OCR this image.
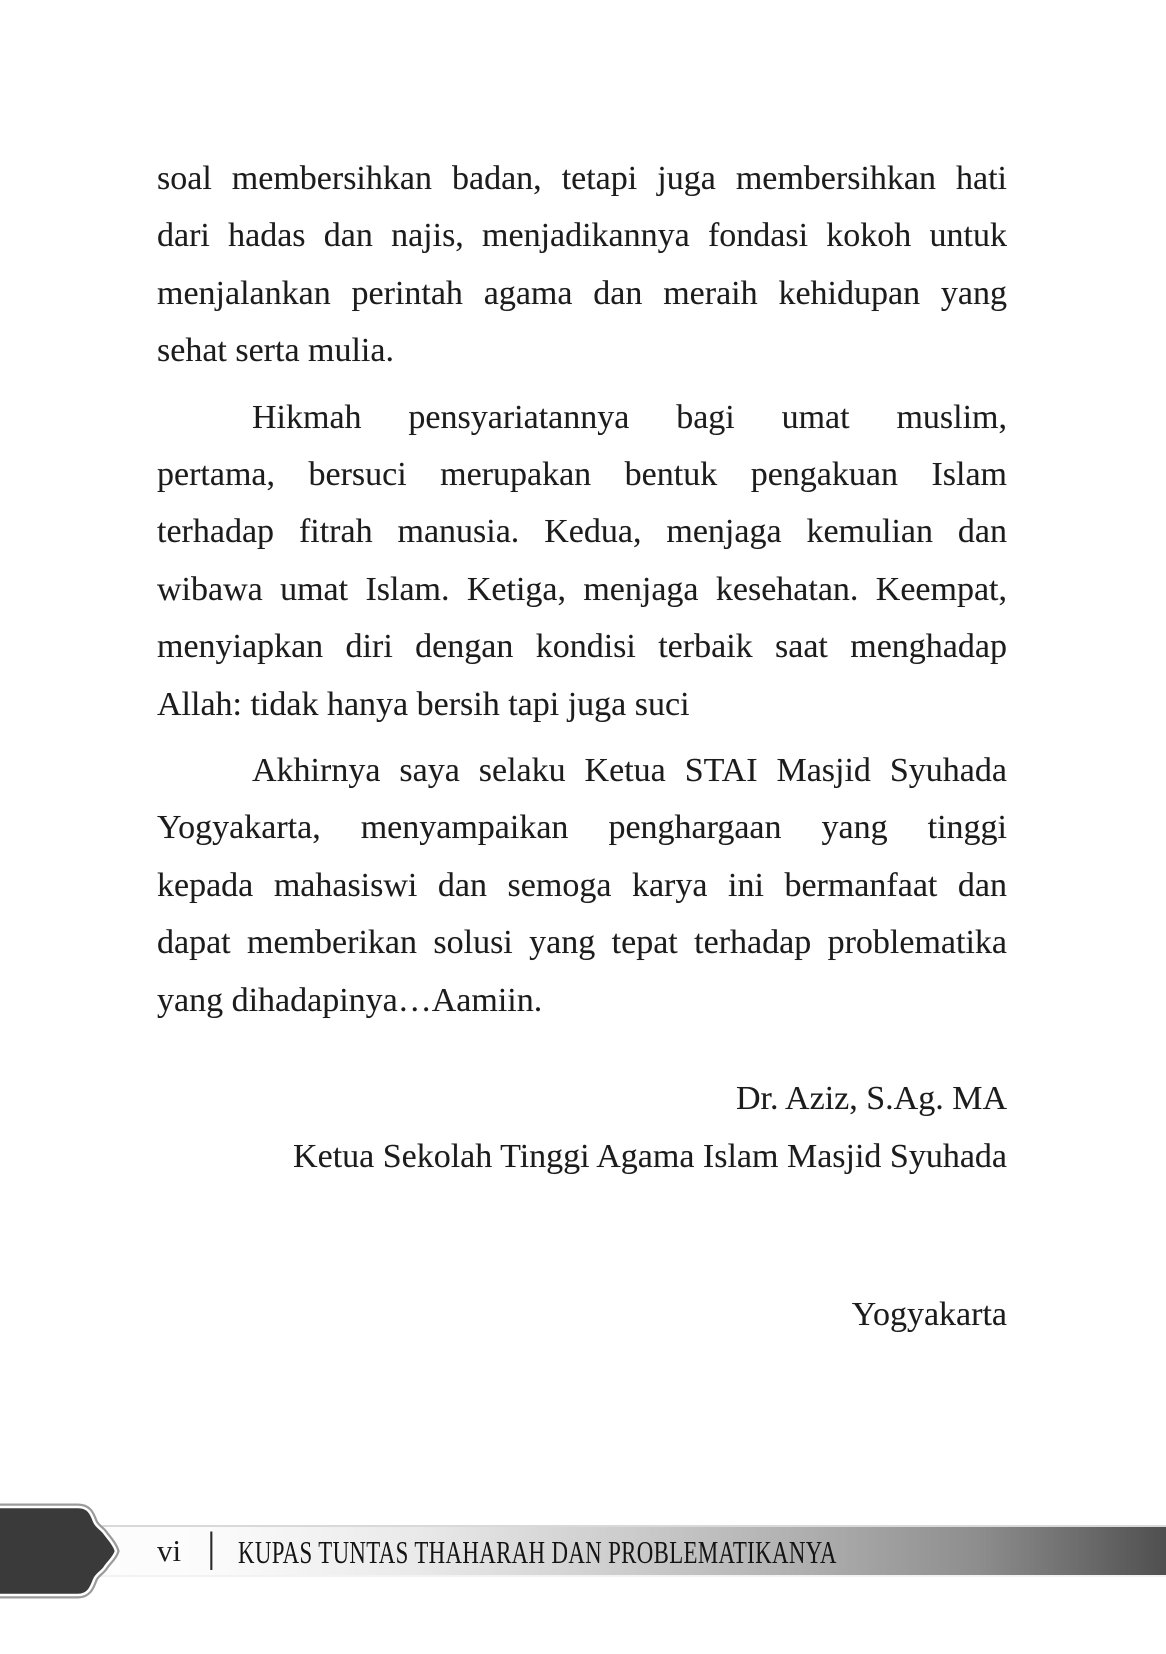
soal membersihkan badan, tetapi juga membersihkan hati
dari hadas dan najis, menjadikannya fondasi kokoh untuk
menjalankan perintah agama dan meraih kehidupan yang
sehat serta mulia.
Hikmah pensyariatannya bagi umat muslim,
pertama, bersuci merupakan bentuk pengakuan Islam
terhadap fitrah manusia. Kedua, menjaga kemulian dan
wibawa umat Islam. Ketiga, menjaga kesehatan. Keempat,
menyiapkan diri dengan kondisi terbaik saat menghadap
Allah: tidak hanya bersih tapi juga suci
Akhirnya saya selaku Ketua STAI Masjid Syuhada
Yogyakarta, menyampaikan penghargaan yang tinggi
kepada mahasiswi dan semoga karya ini bermanfaat dan
dapat memberikan solusi yang tepat terhadap problematika
yang dihadapinya…Aamiin.
Dr. Aziz, S.Ag. MA
Ketua Sekolah Tinggi Agama Islam Masjid Syuhada
Yogyakarta
vi | KUPAS TUNTAS THAHARAH DAN PROBLEMATIKANYA
